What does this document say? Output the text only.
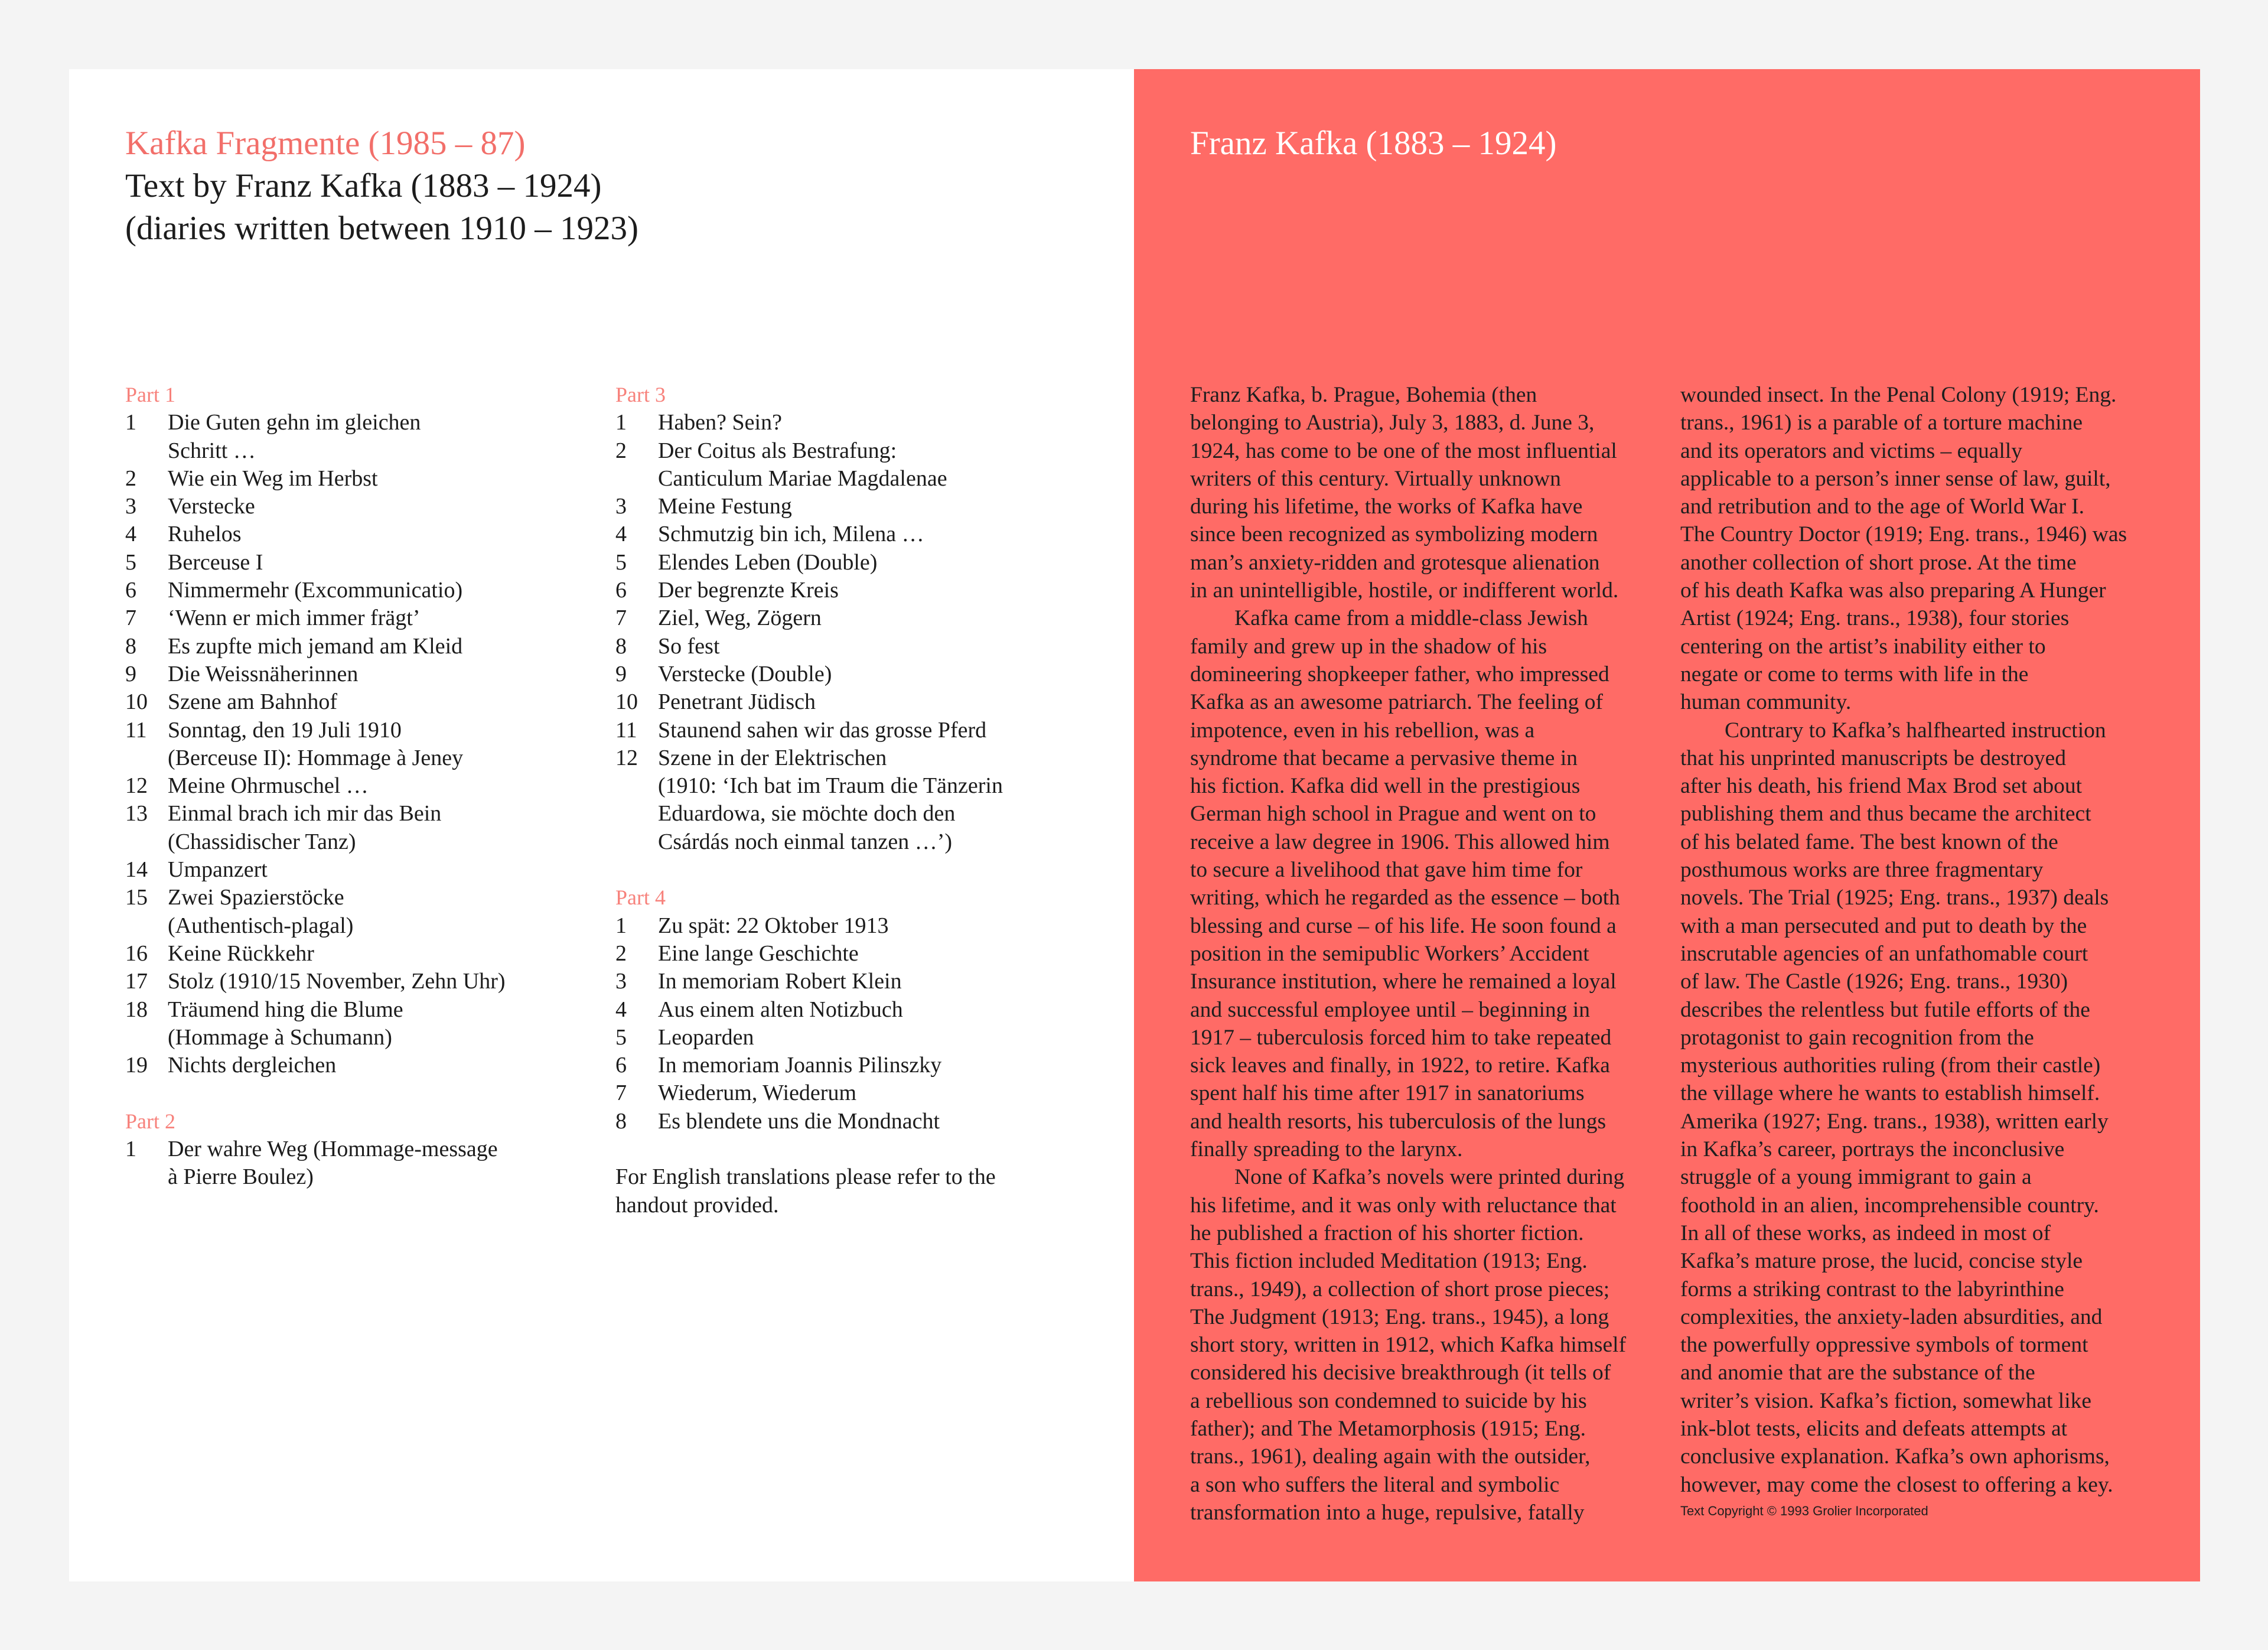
Kafka Fragmente (1985 – 87)
Text by Franz Kafka (1883 – 1924)
(diaries written between 1910 – 1923)
Part 1
1	Die Guten gehn im gleichen
Schritt …
2	Wie ein Weg im Herbst
3	Verstecke
4	Ruhelos
5	Berceuse I
6	Nimmermehr (Excommunicatio)
7	‘Wenn er mich immer frägt’
8	Es zupfte mich jemand am Kleid
9	Die Weissnäherinnen
10 Szene am Bahnhof
11 Sonntag, den 19 Juli 1910
(Berceuse II): Hommage à Jeney
12 Meine Ohrmuschel …
13 Einmal brach ich mir das Bein
(Chassidischer Tanz)
14 Umpanzert
15 Zwei Spazierstöcke
(Authentisch-plagal)
16 Keine Rückkehr
17 Stolz (1910/15 November, Zehn Uhr)
18 Träumend hing die Blume
(Hommage à Schumann)
19 Nichts dergleichen
Part 2
1	Der wahre Weg (Hommage-message
à Pierre Boulez)
Part 3
1	Haben? Sein?
2	Der Coitus als Bestrafung:
Canticulum Mariae Magdalenae
3	Meine Festung
4	Schmutzig bin ich, Milena …
5	Elendes Leben (Double)
6	Der begrenzte Kreis
7	Ziel, Weg, Zögern
8	So fest
9	Verstecke (Double)
10 Penetrant Jüdisch
11 Staunend sahen wir das grosse Pferd
12 Szene in der Elektrischen
(1910: ‘Ich bat im Traum die Tänzerin
Eduardowa, sie möchte doch den
Csárdás noch einmal tanzen …’)
Part 4
1	Zu spät: 22 Oktober 1913
2	Eine lange Geschichte
3	In memoriam Robert Klein
4	Aus einem alten Notizbuch
5	Leoparden
6	In memoriam Joannis Pilinszky
7	Wiederum, Wiederum
8	Es blendete uns die Mondnacht
For English translations please refer to the
handout provided.
Franz Kafka (1883 – 1924)
Franz Kafka, b. Prague, Bohemia (then
belonging to Austria), July 3, 1883, d. June 3,
1924, has come to be one of the most influential
writers of this century. Virtually unknown
during his lifetime, the works of Kafka have
since been recognized as symbolizing modern
man’s anxiety-ridden and grotesque alienation
in an unintelligible, hostile, or indifferent world.
Kafka came from a middle-class Jewish
family and grew up in the shadow of his
domineering shopkeeper father, who impressed
Kafka as an awesome patriarch. The feeling of
impotence, even in his rebellion, was a
syndrome that became a pervasive theme in
his fiction. Kafka did well in the prestigious
German high school in Prague and went on to
receive a law degree in 1906. This allowed him
to secure a livelihood that gave him time for
writing, which he regarded as the essence – both
blessing and curse – of his life. He soon found a
position in the semipublic Workers’ Accident
Insurance institution, where he remained a loyal
and successful employee until – beginning in
1917 – tuberculosis forced him to take repeated
sick leaves and finally, in 1922, to retire. Kafka
spent half his time after 1917 in sanatoriums
and health resorts, his tuberculosis of the lungs
finally spreading to the larynx.
None of Kafka’s novels were printed during
his lifetime, and it was only with reluctance that
he published a fraction of his shorter fiction.
This fiction included Meditation (1913; Eng.
trans., 1949), a collection of short prose pieces;
The Judgment (1913; Eng. trans., 1945), a long
short story, written in 1912, which Kafka himself
considered his decisive breakthrough (it tells of
a rebellious son condemned to suicide by his
father); and The Metamorphosis (1915; Eng.
trans., 1961), dealing again with the outsider,
a son who suffers the literal and symbolic
transformation into a huge, repulsive, fatally
wounded insect. In the Penal Colony (1919; Eng.
trans., 1961) is a parable of a torture machine
and its operators and victims – equally
applicable to a person’s inner sense of law, guilt,
and retribution and to the age of World War I.
The Country Doctor (1919; Eng. trans., 1946) was
another collection of short prose. At the time
of his death Kafka was also preparing A Hunger
Artist (1924; Eng. trans., 1938), four stories
centering on the artist’s inability either to
negate or come to terms with life in the
human community.
Contrary to Kafka’s halfhearted instruction
that his unprinted manuscripts be destroyed
after his death, his friend Max Brod set about
publishing them and thus became the architect
of his belated fame. The best known of the
posthumous works are three fragmentary
novels. The Trial (1925; Eng. trans., 1937) deals
with a man persecuted and put to death by the
inscrutable agencies of an unfathomable court
of law. The Castle (1926; Eng. trans., 1930)
describes the relentless but futile efforts of the
protagonist to gain recognition from the
mysterious authorities ruling (from their castle)
the village where he wants to establish himself.
Amerika (1927; Eng. trans., 1938), written early
in Kafka’s career, portrays the inconclusive
struggle of a young immigrant to gain a
foothold in an alien, incomprehensible country.
In all of these works, as indeed in most of
Kafka’s mature prose, the lucid, concise style
forms a striking contrast to the labyrinthine
complexities, the anxiety-laden absurdities, and
the powerfully oppressive symbols of torment
and anomie that are the substance of the
writer’s vision. Kafka’s fiction, somewhat like
ink-blot tests, elicits and defeats attempts at
conclusive explanation. Kafka’s own aphorisms,
however, may come the closest to offering a key.
Text Copyright © 1993 Grolier Incorporated
